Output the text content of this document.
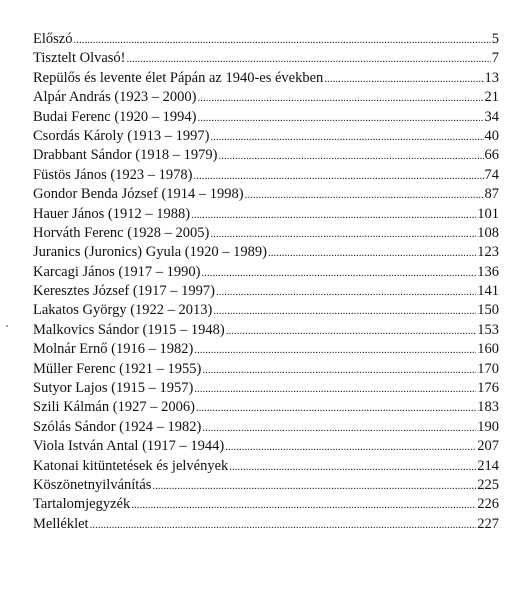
Előszó .....	5
Tisztelt Olvasó! .....	7
Repülős és levente élet Pápán az 1940-es években .....	13
Alpár András (1923 – 2000) .....	21
Budai Ferenc (1920 – 1994) .....	34
Csordás Károly (1913 – 1997) .....	40
Drabbant Sándor (1918 – 1979) .....	66
Füstös János (1923 – 1978) .....	74
Gondor Benda József (1914 – 1998) .....	87
Hauer János (1912 – 1988) .....	101
Horváth Ferenc (1928 – 2005) .....	108
Juranics (Juronics) Gyula (1920 – 1989) .....	123
Karcagi János (1917 – 1990) .....	136
Keresztes József (1917 – 1997) .....	141
Lakatos György (1922 – 2013) .....	150
Malkovics Sándor (1915 – 1948) .....	153
Molnár Ernő (1916 – 1982) .....	160
Müller Ferenc (1921 – 1955) .....	170
Sutyor Lajos (1915 – 1957) .....	176
Szili Kálmán (1927 – 2006) .....	183
Szólás Sándor (1924 – 1982) .....	190
Viola István Antal (1917 – 1944) .....	207
Katonai kitüntetések és jelvények .....	214
Köszönetnyilvánítás .....	225
Tartalomjegyzék .....	226
Melléklet .....	227
